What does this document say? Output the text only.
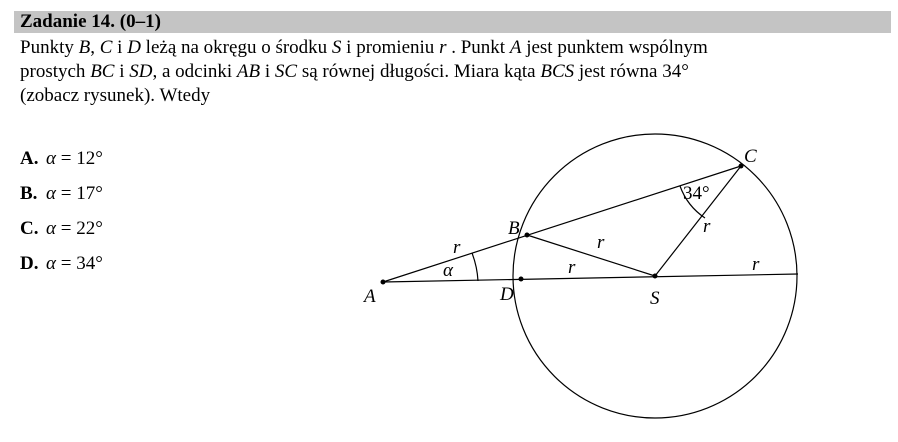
Zadanie 14. (0–1)
Punkty B, C i D leżą na okręgu o środku S i promieniu r . Punkt A jest punktem wspólnym
prostych BC i SD, a odcinki AB i SC są równej długości. Miara kąta BCS jest równa 34°
(zobacz rysunek). Wtedy
A. α = 12°
B. α = 17°
C. α = 22°
D. α = 34°
A
B
C
D	S
α
34°
r	r
r
r
r
